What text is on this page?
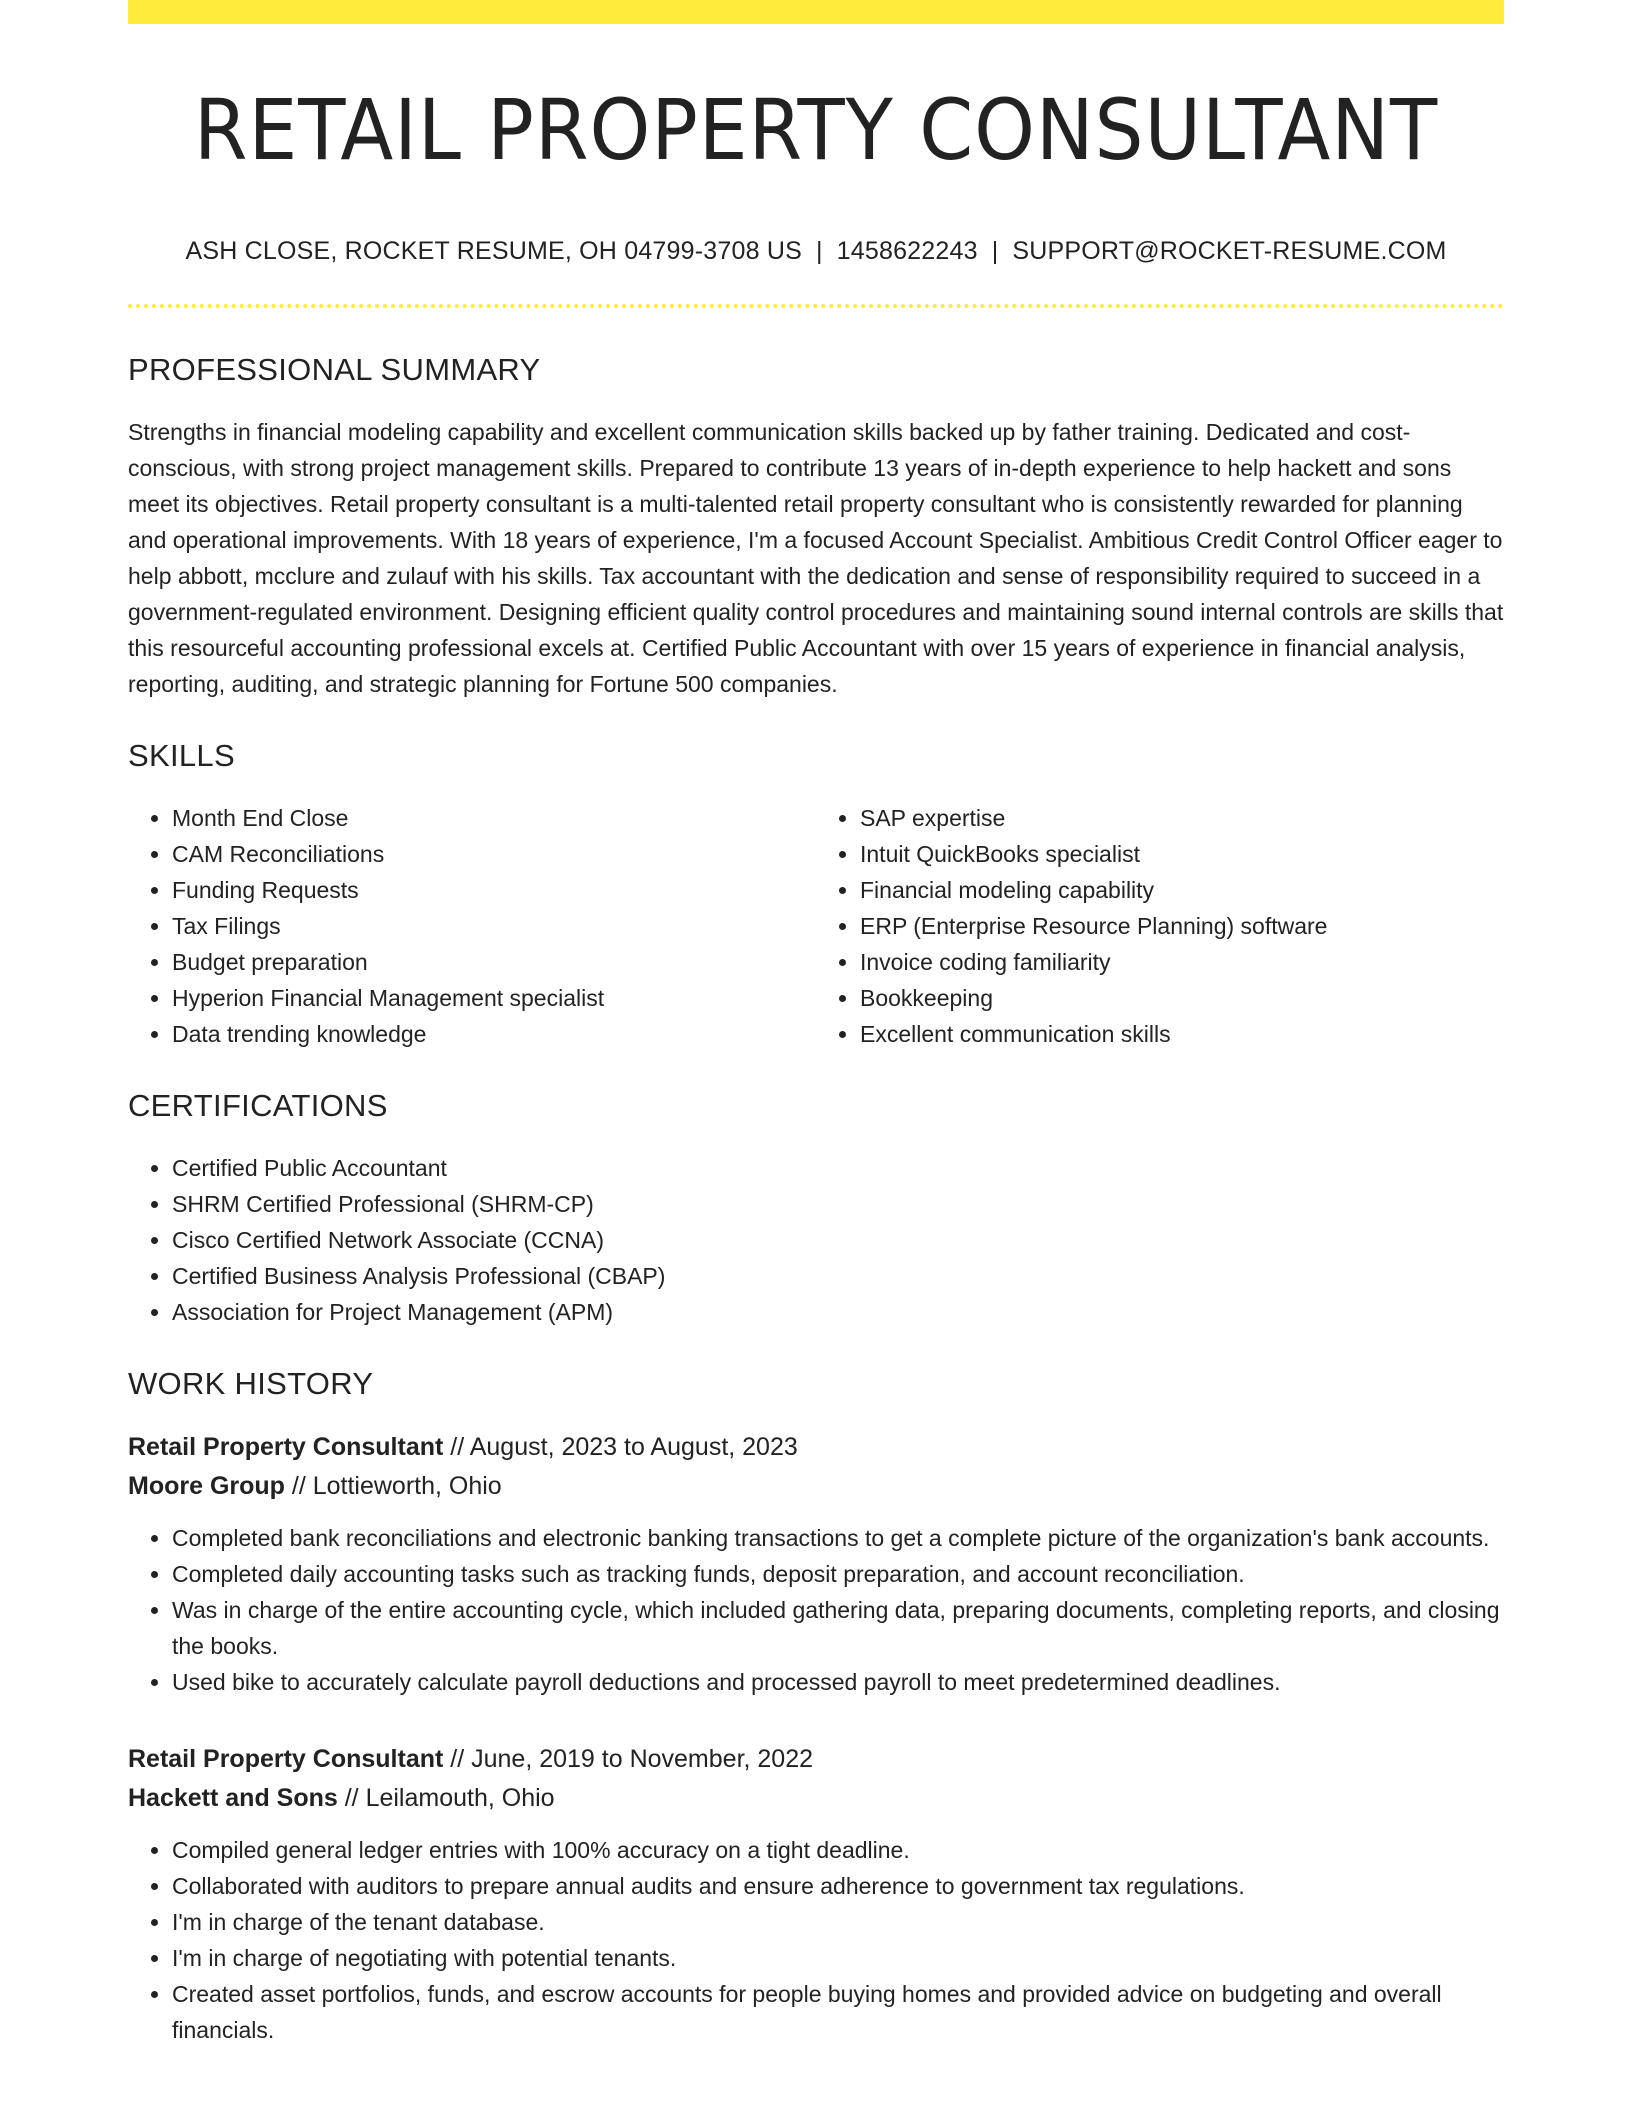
RETAIL PROPERTY CONSULTANT
ASH CLOSE, ROCKET RESUME, OH 04799-3708 US | 1458622243 | SUPPORT@ROCKET-RESUME.COM
PROFESSIONAL SUMMARY

Strengths in financial modeling capability and excellent communication skills backed up by father training. Dedicated and cost-conscious, with strong project management skills. Prepared to contribute 13 years of in-depth experience to help hackett and sons meet its objectives. Retail property consultant is a multi-talented retail property consultant who is consistently rewarded for planning and operational improvements. With 18 years of experience, I'm a focused Account Specialist. Ambitious Credit Control Officer eager to help abbott, mcclure and zulauf with his skills. Tax accountant with the dedication and sense of responsibility required to succeed in a government-regulated environment. Designing efficient quality control procedures and maintaining sound internal controls are skills that this resourceful accounting professional excels at. Certified Public Accountant with over 15 years of experience in financial analysis, reporting, auditing, and strategic planning for Fortune 500 companies.

SKILLS
• Month End Close
• CAM Reconciliations
• Funding Requests
• Tax Filings
• Budget preparation
• Hyperion Financial Management specialist
• Data trending knowledge
• SAP expertise
• Intuit QuickBooks specialist
• Financial modeling capability
• ERP (Enterprise Resource Planning) software
• Invoice coding familiarity
• Bookkeeping
• Excellent communication skills
CERTIFICATIONS
• Certified Public Accountant
• SHRM Certified Professional (SHRM-CP)
• Cisco Certified Network Associate (CCNA)
• Certified Business Analysis Professional (CBAP)
• Association for Project Management (APM)
WORK HISTORY
Retail Property Consultant // August, 2023 to August, 2023
Moore Group // Lottieworth, Ohio
• Completed bank reconciliations and electronic banking transactions to get a complete picture of the organization's bank accounts.
• Completed daily accounting tasks such as tracking funds, deposit preparation, and account reconciliation.
• Was in charge of the entire accounting cycle, which included gathering data, preparing documents, completing reports, and closing the books.
• Used bike to accurately calculate payroll deductions and processed payroll to meet predetermined deadlines.
Retail Property Consultant // June, 2019 to November, 2022
Hackett and Sons // Leilamouth, Ohio
• Compiled general ledger entries with 100% accuracy on a tight deadline.
• Collaborated with auditors to prepare annual audits and ensure adherence to government tax regulations.
• I'm in charge of the tenant database.
• I'm in charge of negotiating with potential tenants.
• Created asset portfolios, funds, and escrow accounts for people buying homes and provided advice on budgeting and overall financials.
